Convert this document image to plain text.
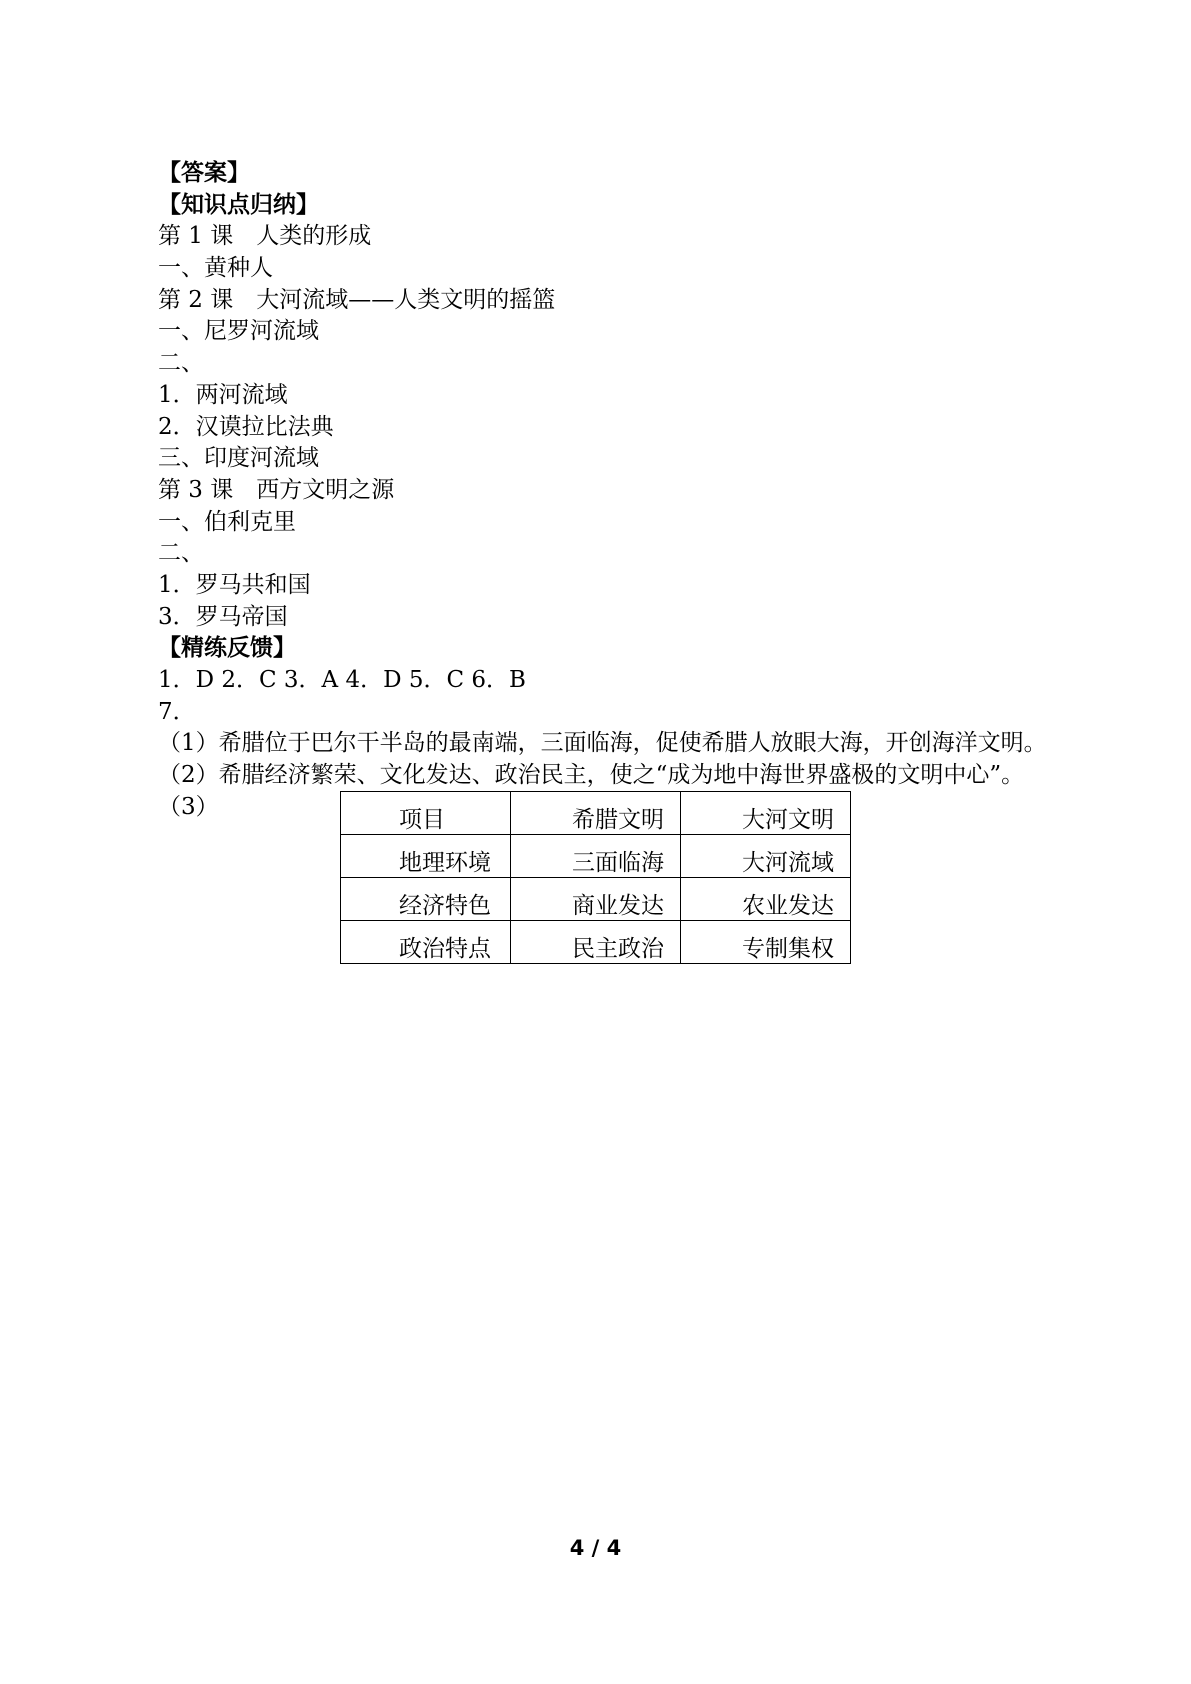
【答案】
【知识点归纳】
第 1 课　人类的形成
一、黄种人
第 2 课　大河流域——人类文明的摇篮
一、尼罗河流域
二、
1．两河流域
2．汉谟拉比法典
三、印度河流域
第 3 课　西方文明之源
一、伯利克里
二、
1．罗马共和国
3．罗马帝国
【精练反馈】
1．D 2．C 3．A 4．D 5．C 6．B
7．
（1）希腊位于巴尔干半岛的最南端，三面临海，促使希腊人放眼大海，开创海洋文明。
（2）希腊经济繁荣、文化发达、政治民主，使之“成为地中海世界盛极的文明中心”。
（3）	项目	希腊文明	大河文明
地理环境	三面临海	大河流域
经济特色	商业发达	农业发达
政治特点	民主政治	专制集权
4 / 4
